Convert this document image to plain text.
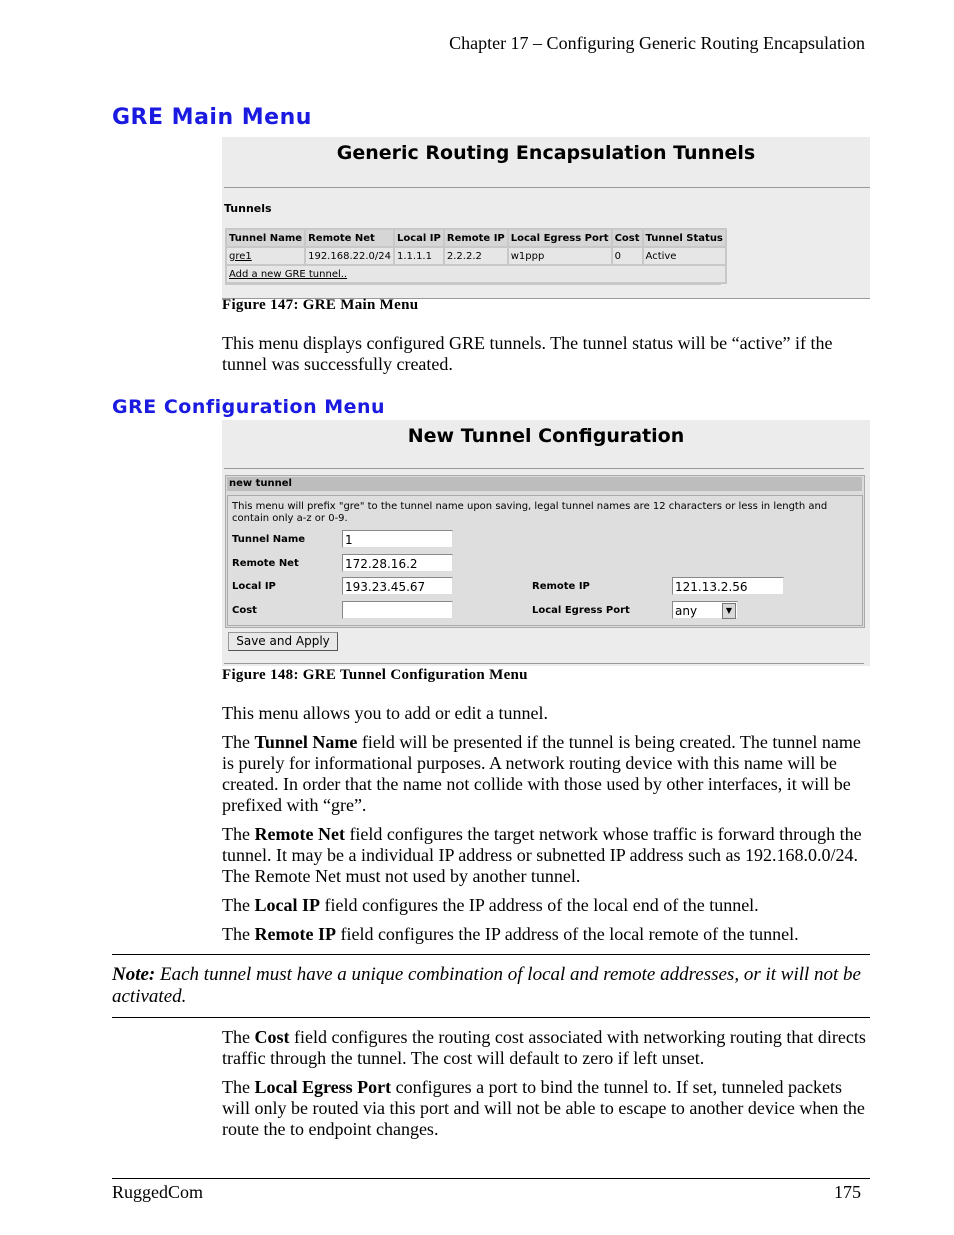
Chapter 17 – Configuring Generic Routing Encapsulation
GRE Main Menu
Generic Routing Encapsulation Tunnels
Tunnels
Tunnel Name	Remote Net	Local IP	Remote IP	Local Egress Port	Cost	Tunnel Status
gre1	192.168.22.0/24	1.1.1.1	2.2.2.2	w1ppp	0	Active
Add a new GRE tunnel..						
Figure 147: GRE Main Menu

This menu displays configured GRE tunnels. The tunnel status will be “active” if the tunnel was successfully created.

GRE Configuration Menu
New Tunnel Configuration
new tunnel
This menu will prefix "gre" to the tunnel name upon saving, legal tunnel names are 12 characters or less in length and contain only a-z or 0-9.
Tunnel Name	1
Remote Net	172.28.16.2
Local IP	193.23.45.67
Cost
Remote IP	121.13.2.56
Local Egress Port	any	▼
Save and Apply
Figure 148: GRE Tunnel Configuration Menu

This menu allows you to add or edit a tunnel.

The Tunnel Name field will be presented if the tunnel is being created. The tunnel name is purely for informational purposes. A network routing device with this name will be created. In order that the name not collide with those used by other interfaces, it will be prefixed with “gre”.

The Remote Net field configures the target network whose traffic is forward through the tunnel. It may be a individual IP address or subnetted IP address such as 192.168.0.0/24. The Remote Net must not used by another tunnel.

The Local IP field configures the IP address of the local end of the tunnel.

The Remote IP field configures the IP address of the local remote of the tunnel.

Note: Each tunnel must have a unique combination of local and remote addresses, or it will not be activated.

The Cost field configures the routing cost associated with networking routing that directs traffic through the tunnel. The cost will default to zero if left unset.

The Local Egress Port configures a port to bind the tunnel to. If set, tunneled packets will only be routed via this port and will not be able to escape to another device when the route the to endpoint changes.

RuggedCom	175
